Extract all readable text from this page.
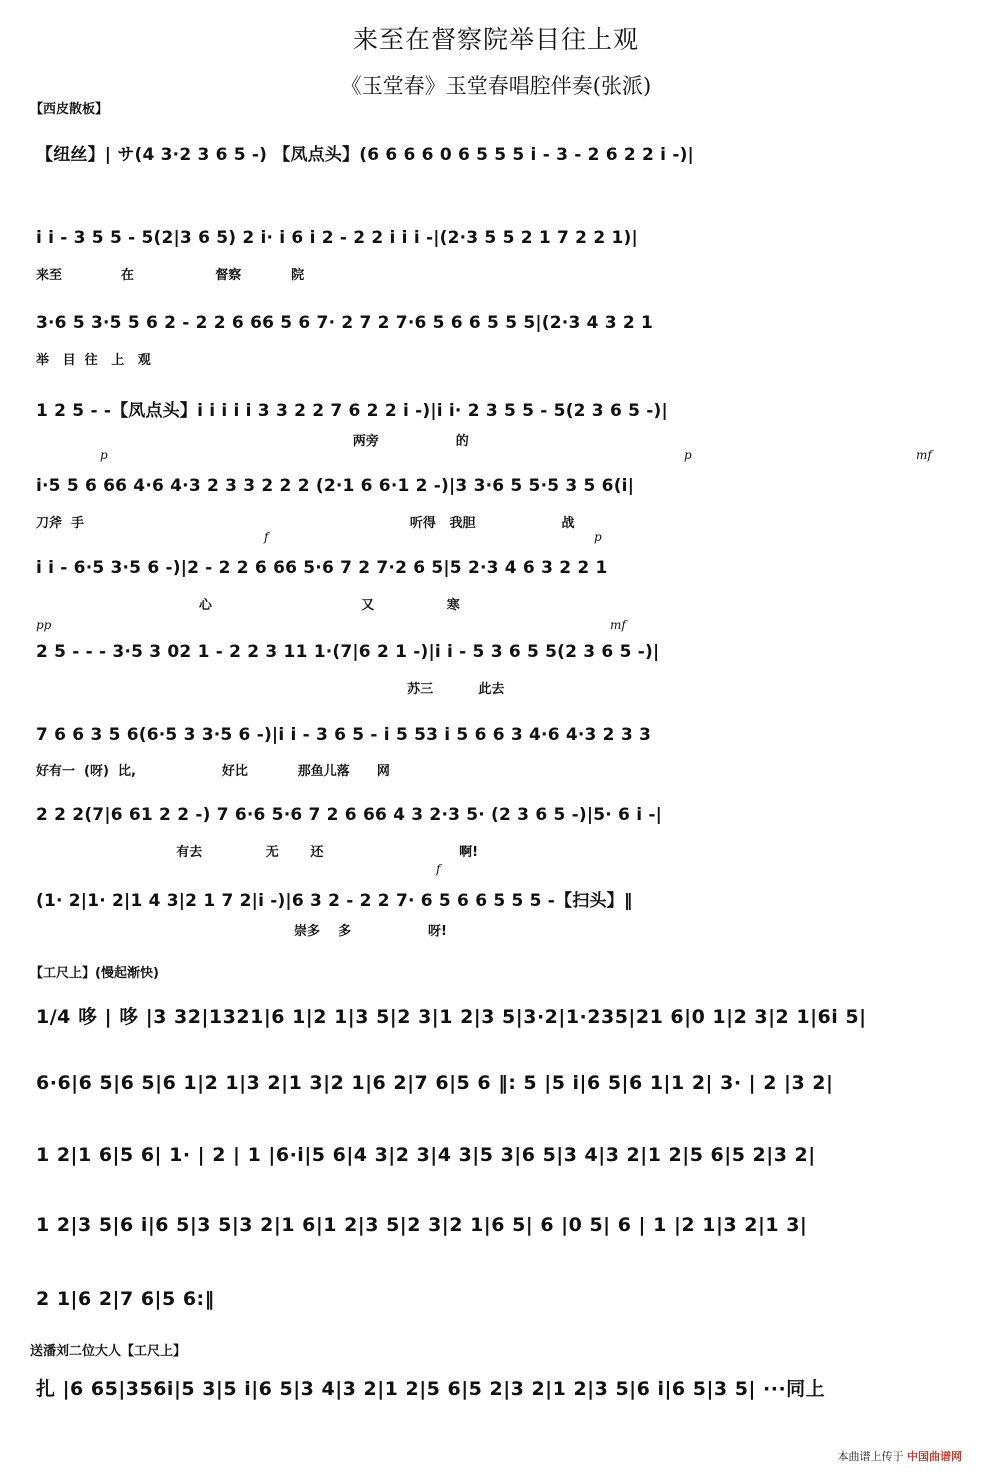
来至在督察院举目往上观
《玉堂春》玉堂春唱腔伴奏(张派)
【西皮散板】
【纽丝】| サ(4 3·2 3 6 5 -) 【凤点头】(6 6 6 6 0 6 5 5 5 i - 3 - 2 6 2 2 i -)|
i i - 3 5 5 - 5(2|3 6 5) 2 i· i 6 i 2 - 2 2 i i i -|(2·3 5 5 2 1 7 2 2 1)|
来至             在                  督察           院
3·6 5 3·5 5 6 2 - 2 2 6 66 5 6 7· 2 7 2 7·6 5 6 6 5 5 5|(2·3 4 3 2 1
举   目  往   上   观
1 2 5 - -【凤点头】i i i i i 3 3 2 2 7 6 2 2 i -)|i i· 2 3 5 5 - 5(2 3 6 5 -)|
两旁                 的
p	p	mf
i·5 5 6 66 4·6 4·3 2 3 3 2 2 2 (2·1 6 6·1 2 -)|3 3·6 5 5·5 3 5 6(i|
刀斧  手                                                                        听得   我胆                   战
f	p
i i - 6·5 3·5 6 -)|2 - 2 2 6 66 5·6 7 2 7·2 6 5|5 2·3 4 6 3 2 2 1
心                                 又                寒
pp	mf
2 5 - - - 3·5 3 02 1 - 2 2 3 11 1·(7|6 2 1 -)|i i - 5 3 6 5 5(2 3 6 5 -)|
苏三          此去
7 6 6 3 5 6(6·5 3 3·5 6 -)|i i - 3 6 5 - i 5 53 i 5 6 6 3 4·6 4·3 2 3 3
好有一  (呀)  比,                   好比           那鱼儿落      网
2 2 2(7|6 61 2 2 -) 7 6·6 5·6 7 2 6 66 4 3 2·3 5· (2 3 6 5 -)|5· 6 i -|
有去              无       还                              啊!
f
(1· 2|1· 2|1 4 3|2 1 7 2|i -)|6 3 2 - 2 2 7· 6 5 6 6 5 5 5 -【扫头】‖
崇多    多                 呀!
【工尺上】(慢起渐快)
1/4 哆 | 哆 |3 32|1321|6 1|2 1|3 5|2 3|1 2|3 5|3·2|1·235|21 6|0 1|2 3|2 1|6i 5|
6·6|6 5|6 5|6 1|2 1|3 2|1 3|2 1|6 2|7 6|5 6 ‖: 5 |5 i|6 5|6 1|1 2| 3· | 2 |3 2|
1 2|1 6|5 6| 1· | 2 | 1 |6·i|5 6|4 3|2 3|4 3|5 3|6 5|3 4|3 2|1 2|5 6|5 2|3 2|
1 2|3 5|6 i|6 5|3 5|3 2|1 6|1 2|3 5|2 3|2 1|6 5| 6 |0 5| 6 | 1 |2 1|3 2|1 3|
2 1|6 2|7 6|5 6:‖
送潘刘二位大人【工尺上】
扎 |6 65|356i|5 3|5 i|6 5|3 4|3 2|1 2|5 6|5 2|3 2|1 2|3 5|6 i|6 5|3 5| ···同上
本曲谱上传于 中国曲谱网
